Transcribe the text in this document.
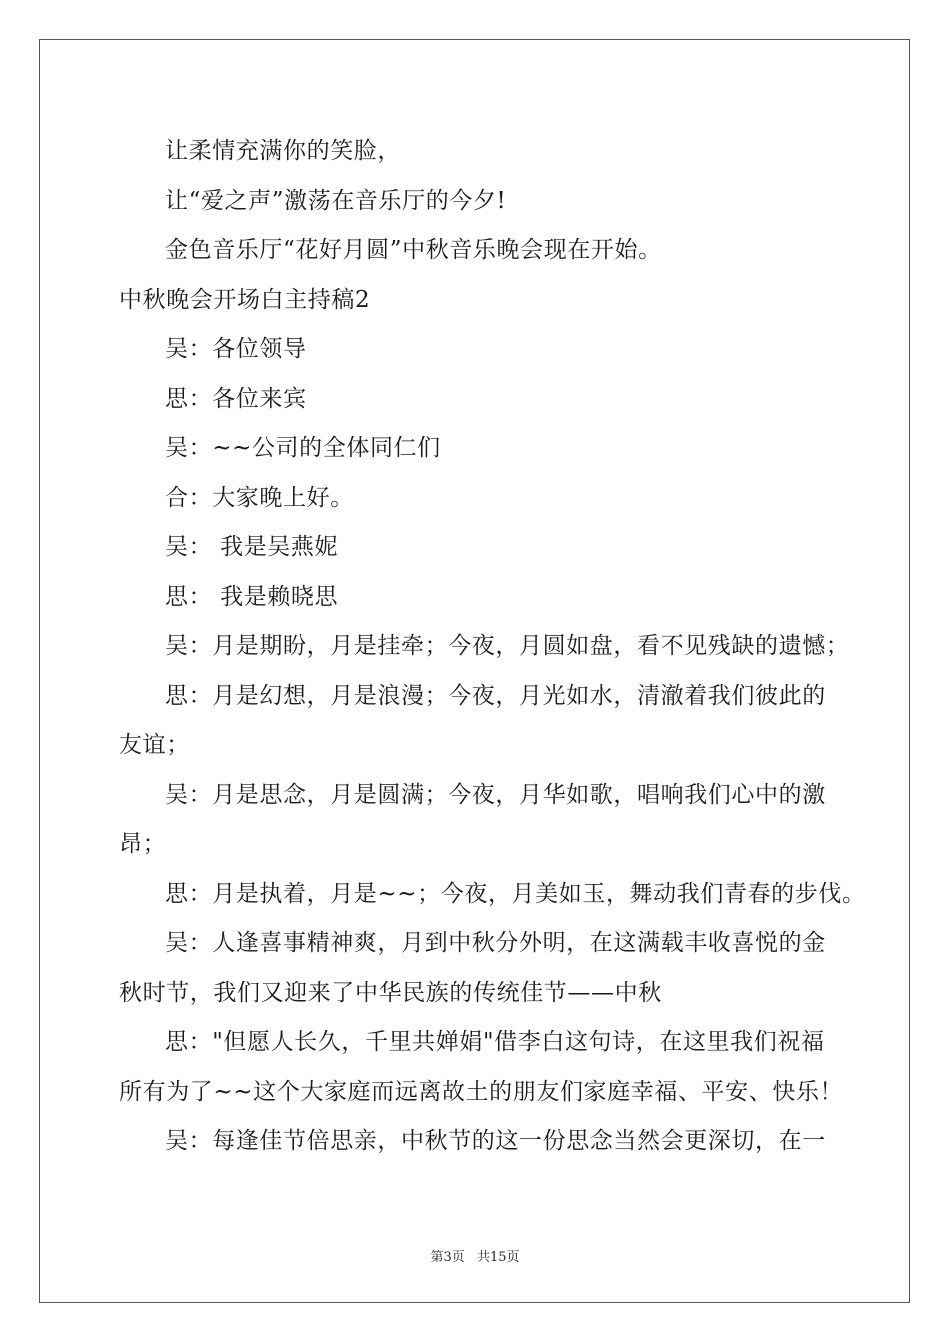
让柔情充满你的笑脸，
让“爱之声”激荡在音乐厅的今夕!
金色音乐厅“花好月圆”中秋音乐晚会现在开始。
中秋晚会开场白主持稿2
吴：各位领导
思：各位来宾
吴：~~公司的全体同仁们
合：大家晚上好。
吴： 我是吴燕妮
思： 我是赖晓思
吴：月是期盼，月是挂牵；今夜，月圆如盘，看不见残缺的遗憾；
思：月是幻想，月是浪漫；今夜，月光如水，清澈着我们彼此的
友谊；
吴：月是思念，月是圆满；今夜，月华如歌，唱响我们心中的激
昂；
思：月是执着，月是~~；今夜，月美如玉，舞动我们青春的步伐。
吴：人逢喜事精神爽，月到中秋分外明，在这满载丰收喜悦的金
秋时节，我们又迎来了中华民族的传统佳节——中秋
思："但愿人长久，千里共婵娟"借李白这句诗，在这里我们祝福
所有为了~~这个大家庭而远离故土的朋友们家庭幸福、平安、快乐！
吴：每逢佳节倍思亲，中秋节的这一份思念当然会更深切，在一
第3页 共15页
